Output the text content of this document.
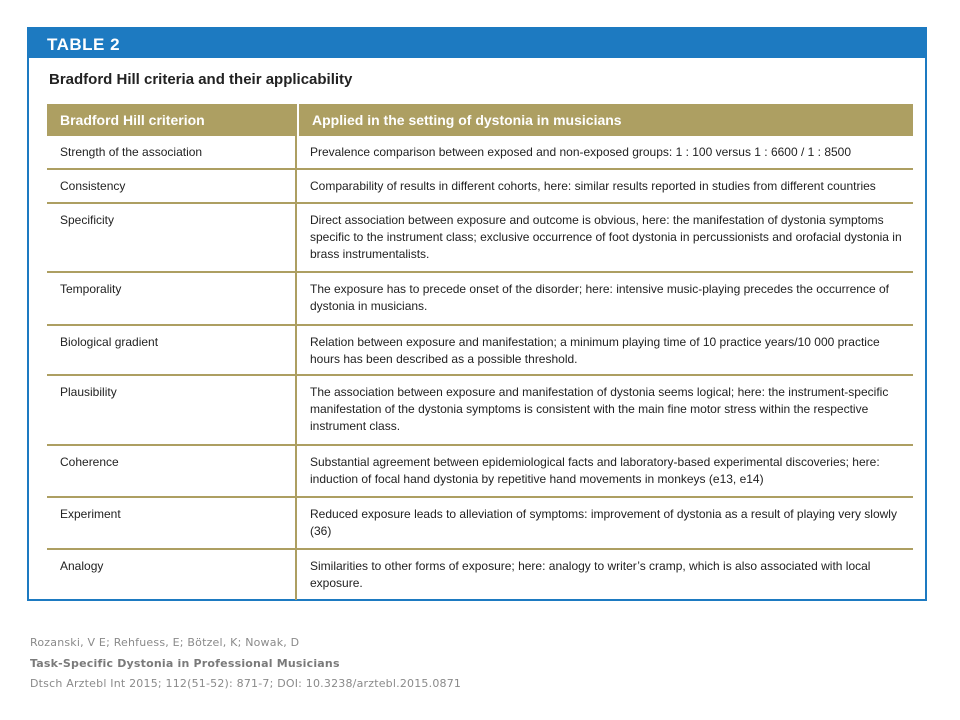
TABLE 2
Bradford Hill criteria and their applicability
Bradford Hill criterion	Applied in the setting of dystonia in musicians
Strength of the association	Prevalence comparison between exposed and non-exposed groups: 1 : 100 versus 1 : 6600 / 1 : 8500
Consistency	Comparability of results in different cohorts, here: similar results reported in studies from different countries
Specificity	Direct association between exposure and outcome is obvious, here: the manifestation of dystonia symptoms specific to the instrument class; exclusive occurrence of foot dystonia in percussionists and orofacial dystonia in brass instrumentalists.
Temporality	The exposure has to precede onset of the disorder; here: intensive music-playing precedes the occurrence of dystonia in musicians.
Biological gradient	Relation between exposure and manifestation; a minimum playing time of 10 practice years/10 000 practice hours has been described as a possible threshold.
Plausibility	The association between exposure and manifestation of dystonia seems logical; here: the instrument-specific manifestation of the dystonia symptoms is consistent with the main fine motor stress within the respective instrument class.
Coherence	Substantial agreement between epidemiological facts and laboratory-based experimental discoveries; here: induction of focal hand dystonia by repetitive hand movements in monkeys (e13, e14)
Experiment	Reduced exposure leads to alleviation of symptoms: improvement of dystonia as a result of playing very slowly (36)
Analogy	Similarities to other forms of exposure; here: analogy to writer’s cramp, which is also associated with local exposure.
Rozanski, V E; Rehfuess, E; Bötzel, K; Nowak, D
Task-Specific Dystonia in Professional Musicians
Dtsch Arztebl Int 2015; 112(51-52): 871-7; DOI: 10.3238/arztebl.2015.0871
